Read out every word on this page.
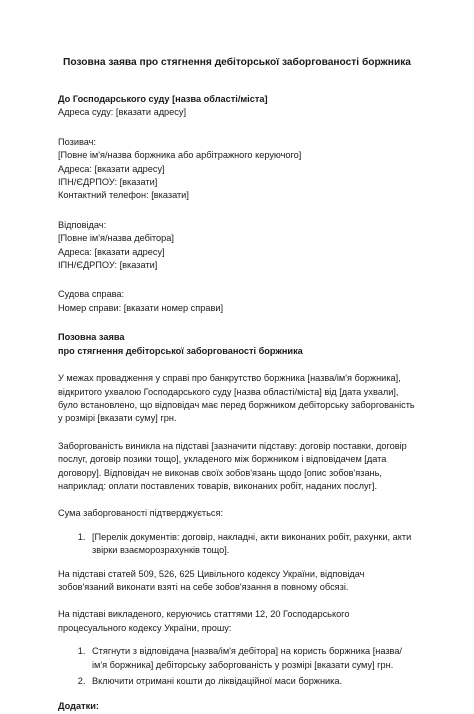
Позовна заява про стягнення дебіторської заборгованості боржника
До Господарського суду [назва області/міста]
Адреса суду: [вказати адресу]
Позивач:
[Повне ім'я/назва боржника або арбітражного керуючого]
Адреса: [вказати адресу]
ІПН/ЄДРПОУ: [вказати]
Контактний телефон: [вказати]
Відповідач:
[Повне ім'я/назва дебітора]
Адреса: [вказати адресу]
ІПН/ЄДРПОУ: [вказати]
Судова справа:
Номер справи: [вказати номер справи]
Позовна заява
про стягнення дебіторської заборгованості боржника

У межах провадження у справі про банкрутство боржника [назва/ім'я боржника], відкритого ухвалою Господарського суду [назва області/міста] від [дата ухвали], було встановлено, що відповідач має перед боржником дебіторську заборгованість у розмірі [вказати суму] грн.

Заборгованість виникла на підставі [зазначити підставу: договір поставки, договір послуг, договір позики тощо], укладеного між боржником і відповідачем [дата договору]. Відповідач не виконав своїх зобов'язань щодо [опис зобов'язань, наприклад: оплати поставлених товарів, виконаних робіт, наданих послуг].

Сума заборгованості підтверджується:

1. [Перелік документів: договір, накладні, акти виконаних робіт, рахунки, акти звірки взаєморозрахунків тощо].

На підставі статей 509, 526, 625 Цивільного кодексу України, відповідач зобов'язаний виконати взяті на себе зобов'язання в повному обсязі.

На підставі викладеного, керуючись статтями 12, 20 Господарського процесуального кодексу України, прошу:

1. Стягнути з відповідача [назва/ім'я дебітора] на користь боржника [назва/ім'я боржника] дебіторську заборгованість у розмірі [вказати суму] грн.
2. Включити отримані кошти до ліквідаційної маси боржника.
Додатки:
